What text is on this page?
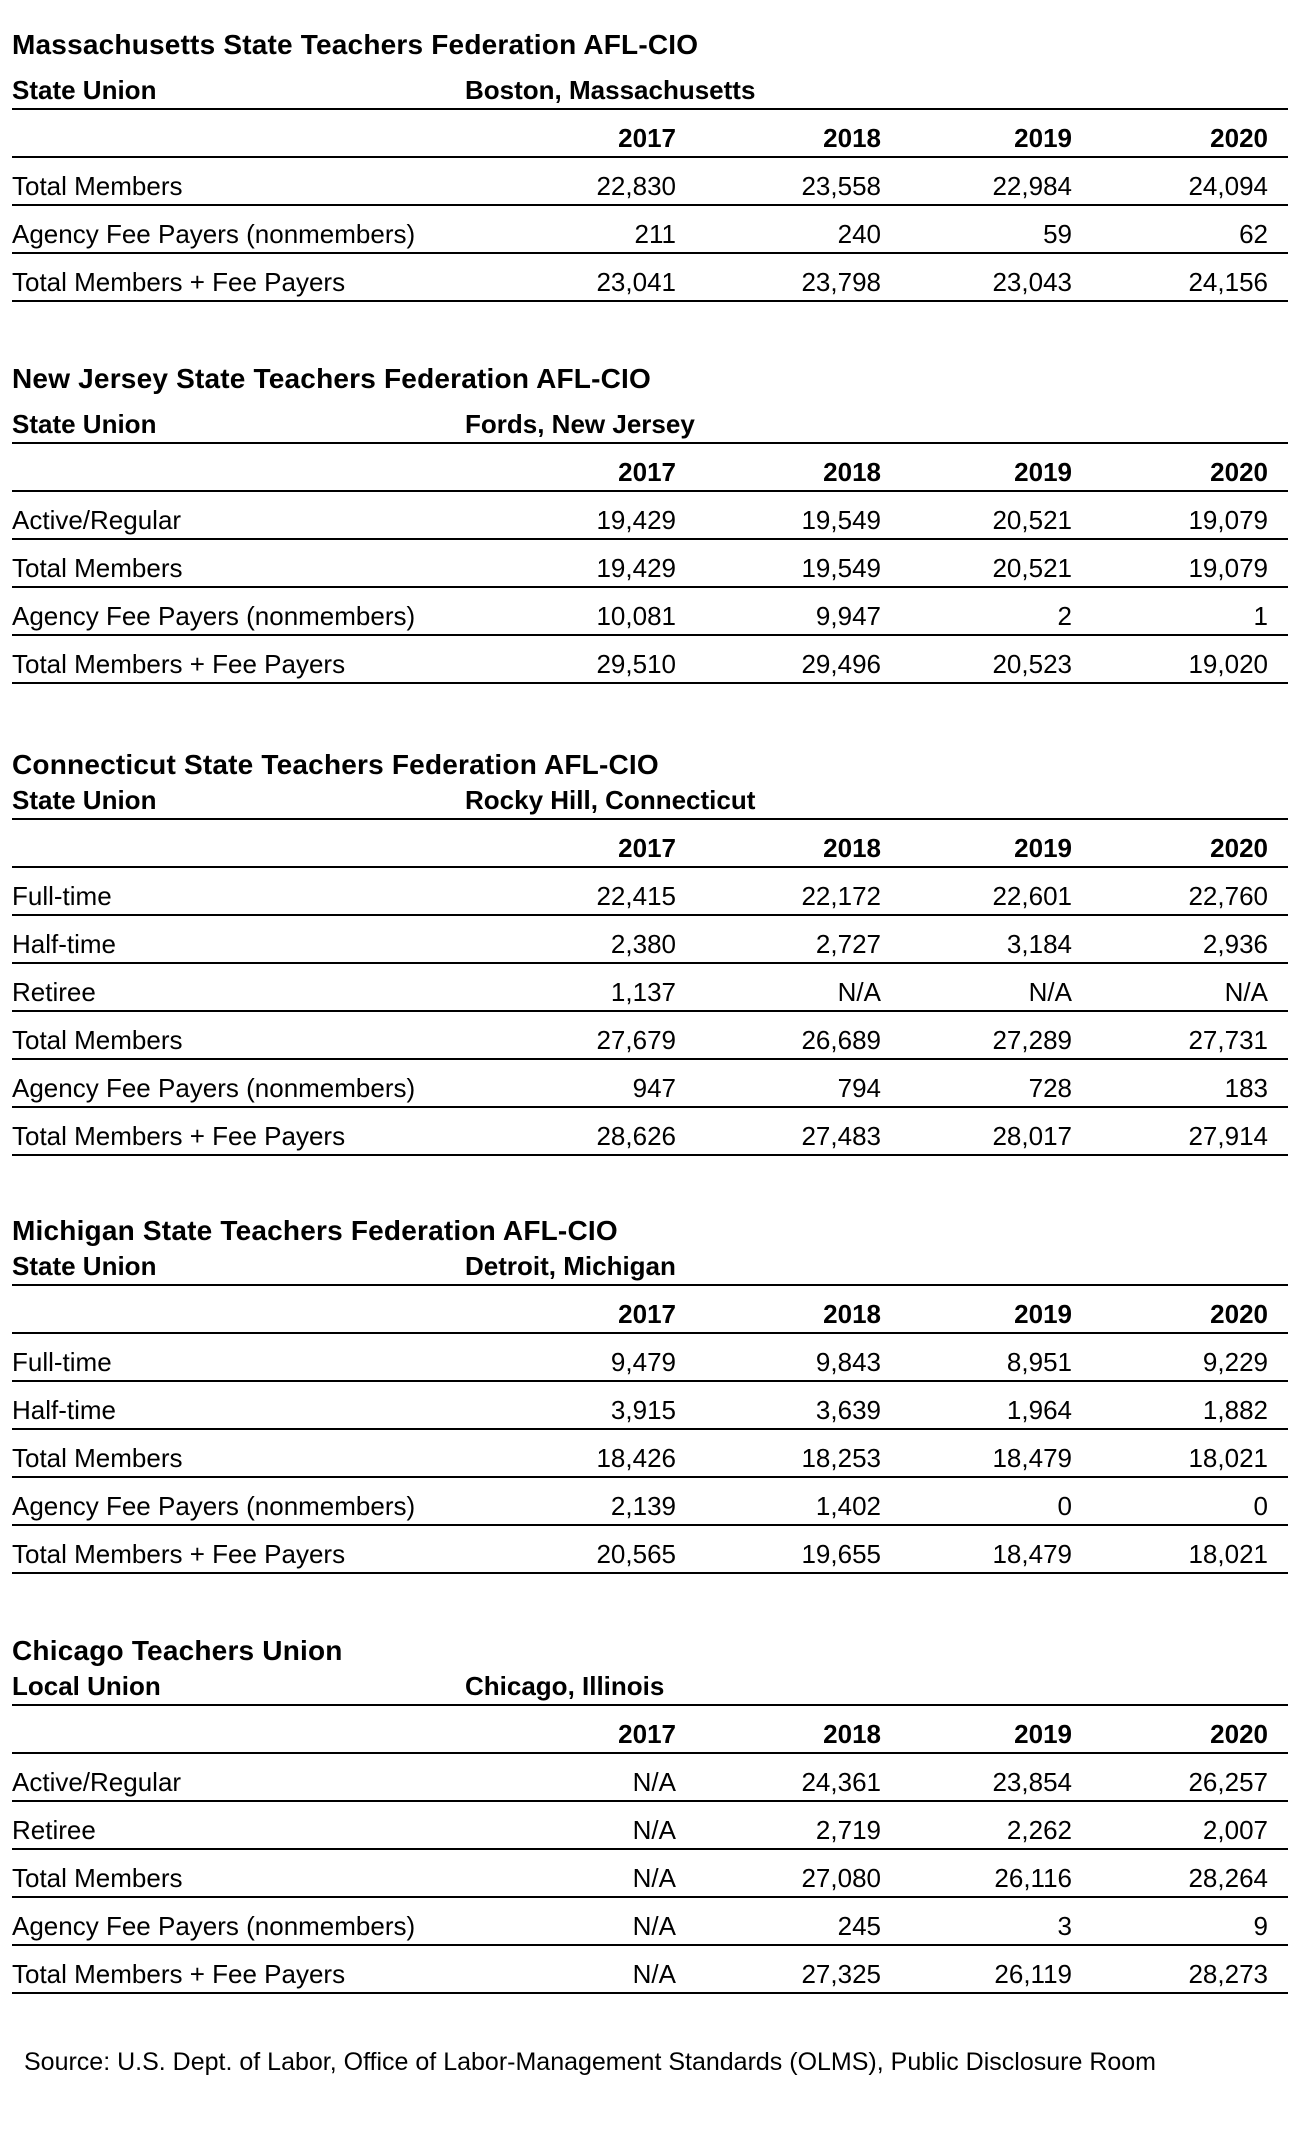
Massachusetts State Teachers Federation AFL-CIO
State Union	Boston, Massachusetts
2017	2018	2019	2020
Total Members	22,830	23,558	22,984	24,094
Agency Fee Payers (nonmembers)	211	240	59	62
Total Members + Fee Payers	23,041	23,798	23,043	24,156
New Jersey State Teachers Federation AFL-CIO
State Union	Fords, New Jersey
2017	2018	2019	2020
Active/Regular	19,429	19,549	20,521	19,079
Total Members	19,429	19,549	20,521	19,079
Agency Fee Payers (nonmembers)	10,081	9,947	2	1
Total Members + Fee Payers	29,510	29,496	20,523	19,020
Connecticut State Teachers Federation AFL-CIO
State Union	Rocky Hill, Connecticut
2017	2018	2019	2020
Full-time	22,415	22,172	22,601	22,760
Half-time	2,380	2,727	3,184	2,936
Retiree	1,137	N/A	N/A	N/A
Total Members	27,679	26,689	27,289	27,731
Agency Fee Payers (nonmembers)	947	794	728	183
Total Members + Fee Payers	28,626	27,483	28,017	27,914
Michigan State Teachers Federation AFL-CIO
State Union	Detroit, Michigan
2017	2018	2019	2020
Full-time	9,479	9,843	8,951	9,229
Half-time	3,915	3,639	1,964	1,882
Total Members	18,426	18,253	18,479	18,021
Agency Fee Payers (nonmembers)	2,139	1,402	0	0
Total Members + Fee Payers	20,565	19,655	18,479	18,021
Chicago Teachers Union
Local Union	Chicago, Illinois
2017	2018	2019	2020
Active/Regular	N/A	24,361	23,854	26,257
Retiree	N/A	2,719	2,262	2,007
Total Members	N/A	27,080	26,116	28,264
Agency Fee Payers (nonmembers)	N/A	245	3	9
Total Members + Fee Payers	N/A	27,325	26,119	28,273

Source: U.S. Dept. of Labor, Office of Labor-Management Standards (OLMS), Public Disclosure Room
